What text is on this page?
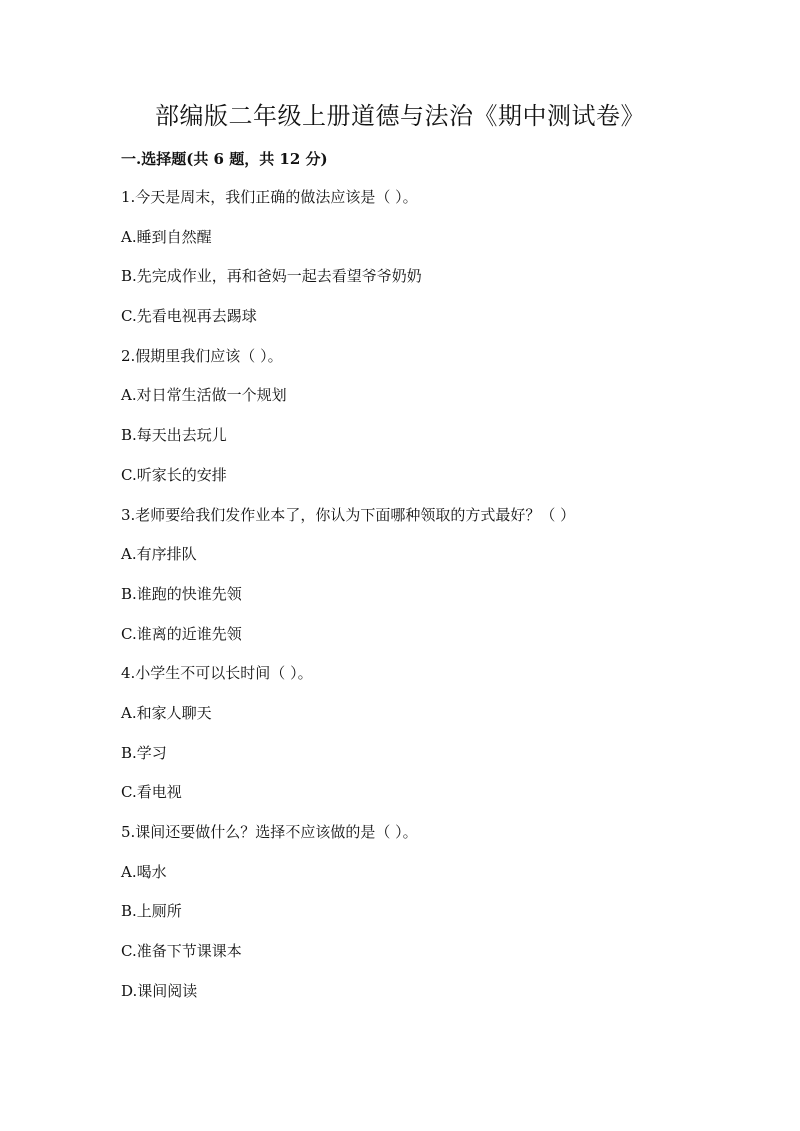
部编版二年级上册道德与法治《期中测试卷》
一.选择题(共 6 题，共 12 分)
1.今天是周末，我们正确的做法应该是（ ）。
A.睡到自然醒
B.先完成作业，再和爸妈一起去看望爷爷奶奶
C.先看电视再去踢球
2.假期里我们应该（ ）。
A.对日常生活做一个规划
B.每天出去玩儿
C.听家长的安排
3.老师要给我们发作业本了，你认为下面哪种领取的方式最好？（ ）
A.有序排队
B.谁跑的快谁先领
C.谁离的近谁先领
4.小学生不可以长时间（ ）。
A.和家人聊天
B.学习
C.看电视
5.课间还要做什么？选择不应该做的是（ ）。
A.喝水
B.上厕所
C.准备下节课课本
D.课间阅读
